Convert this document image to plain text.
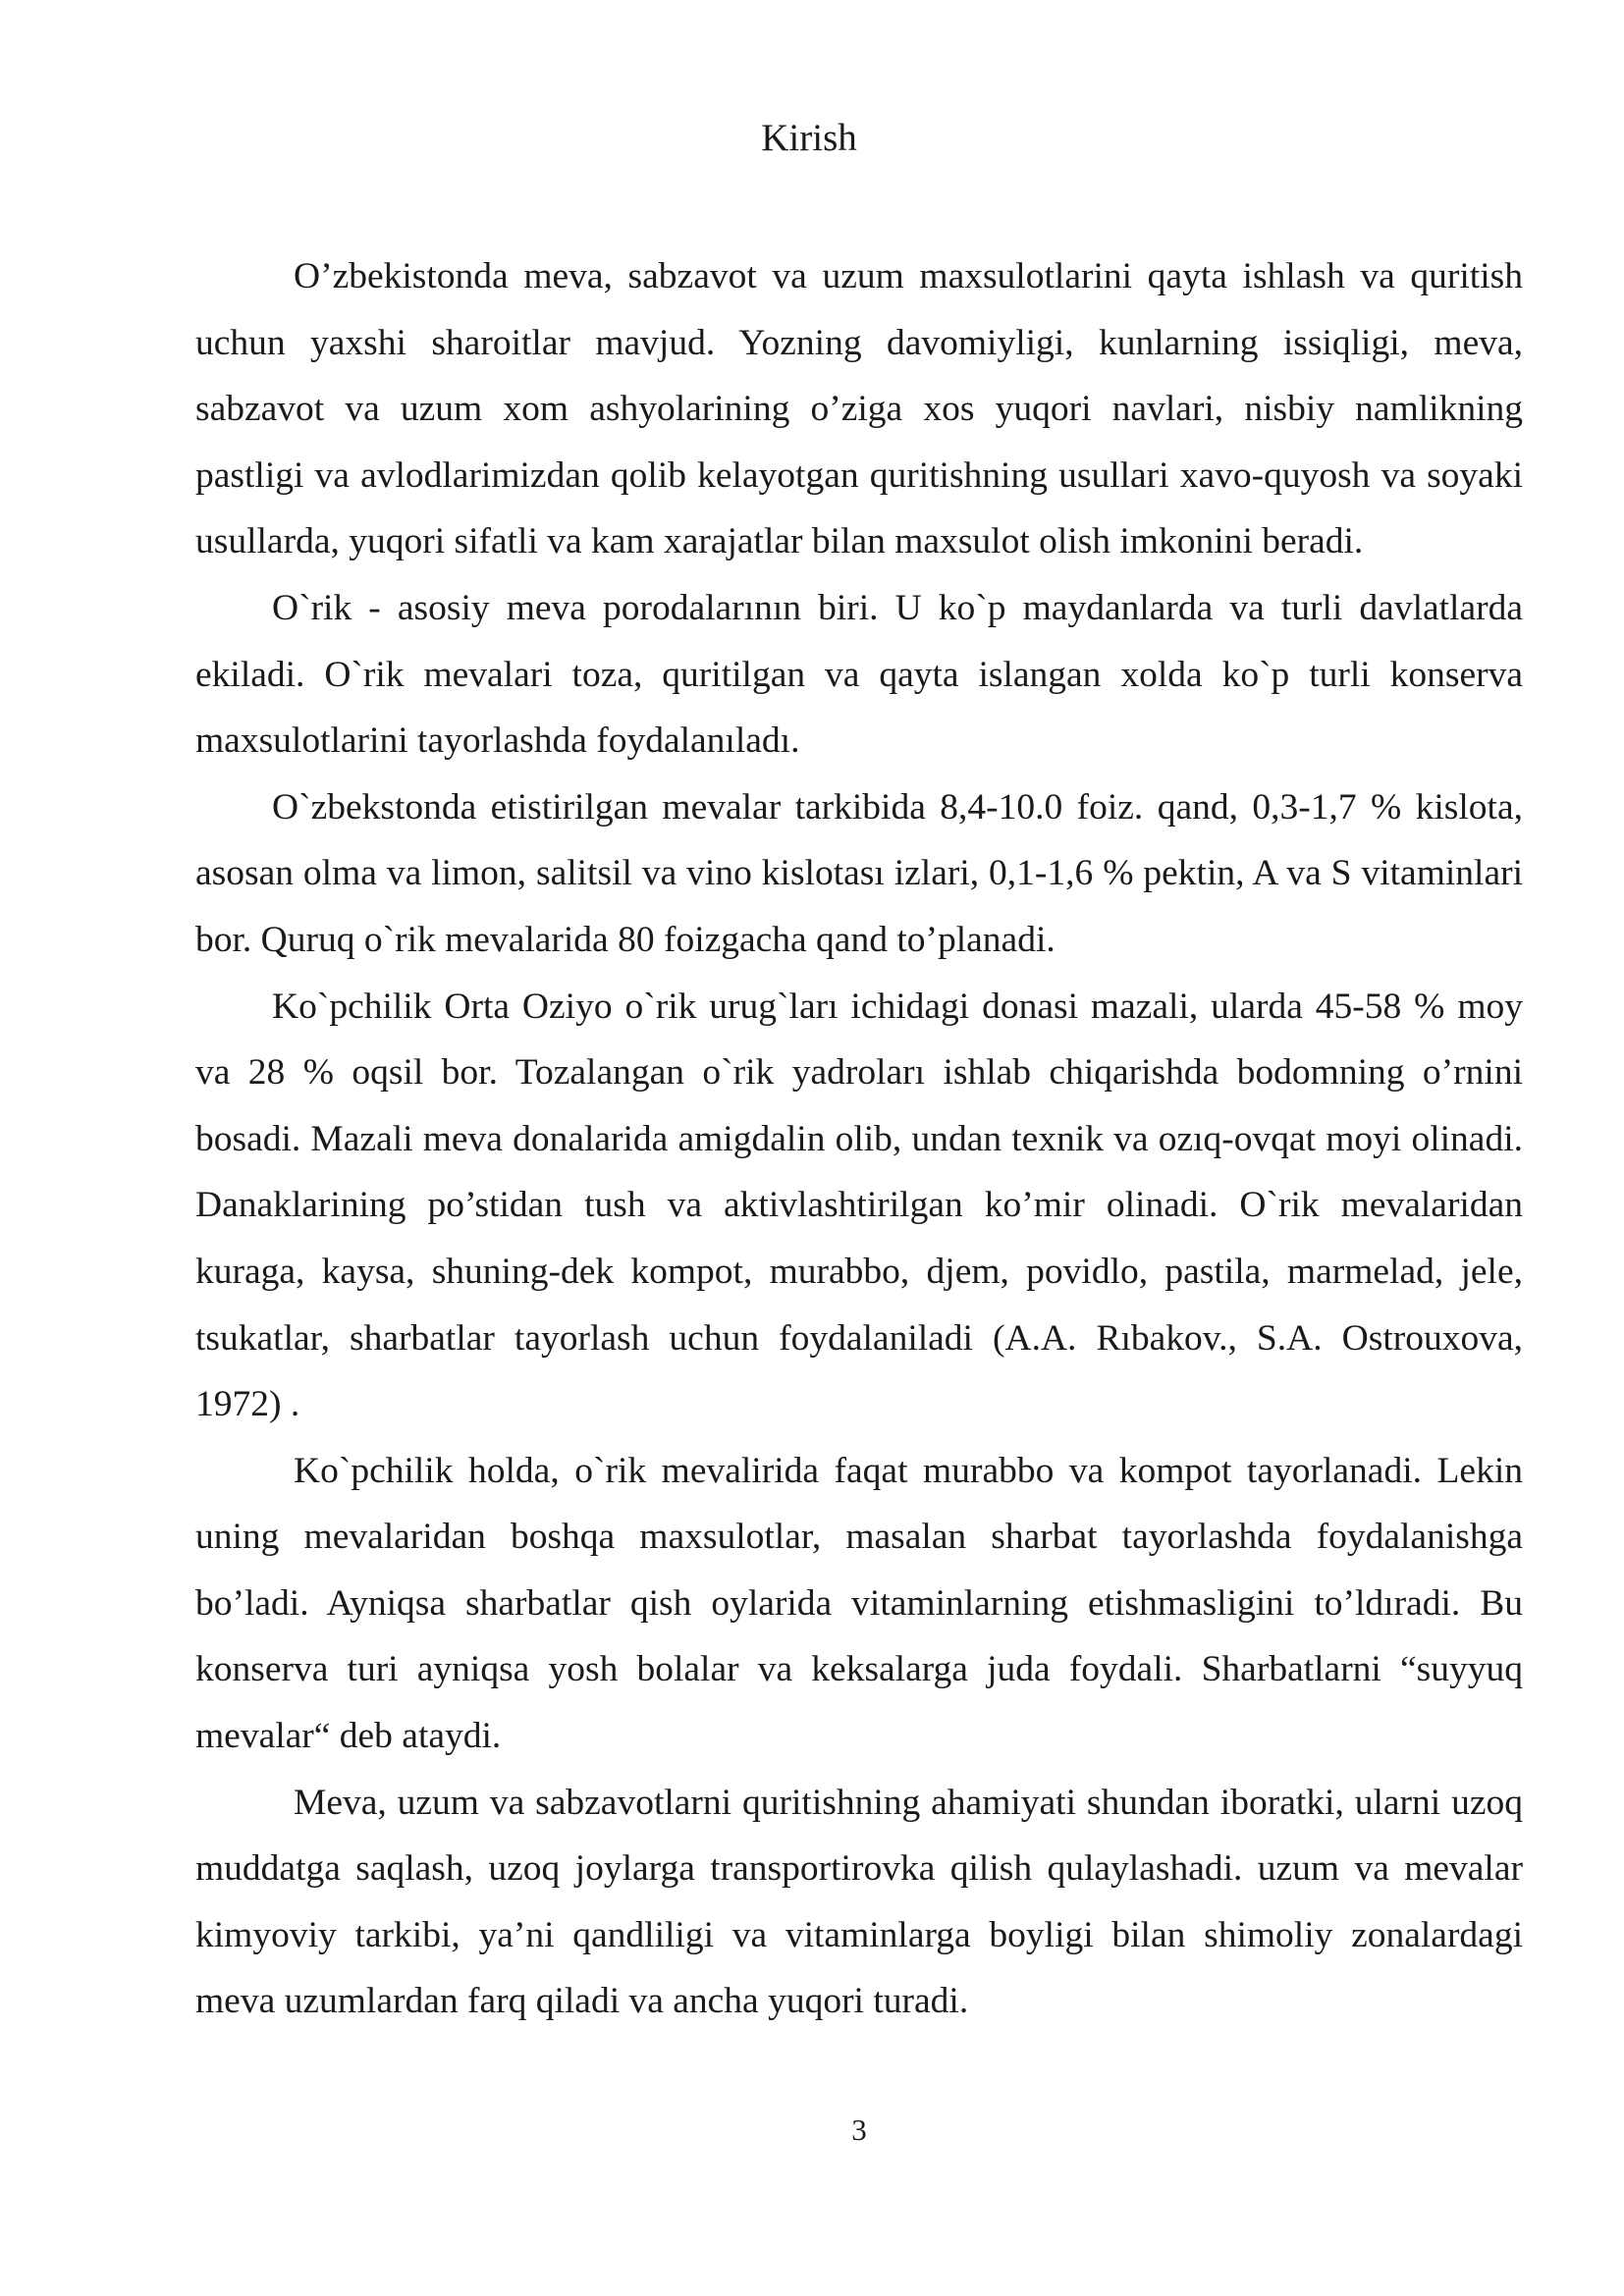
Kirish

O’zbekistonda meva, sabzavot va uzum maxsulotlarini qayta ishlash va quritish uchun yaxshi sharoitlar mavjud. Yozning davomiyligi, kunlarning issiqligi, meva, sabzavot va uzum xom ashyolarining o’ziga xos yuqori navlari, nisbiy namlikning pastligi va avlodlarimizdan qolib kelayotgan quritishning usullari xavo-quyosh va soyaki usullarda, yuqori sifatli va kam xarajatlar bilan maxsulot olish imkonini beradi.

O`rik - asosiy meva porodalarının biri. U ko`p maydanlarda va turli davlatlarda ekiladi. O`rik mevalari toza, quritilgan va qayta islangan xolda ko`p turli konserva maxsulotlarini tayorlashda foydalanıladı.

O`zbekstonda etistirilgan mevalar tarkibida 8,4-10.0 foiz. qand, 0,3-1,7 % kislota, asosan olma va limon, salitsil va vino kislotası izlari, 0,1-1,6 % pektin, A va S vitaminlari bor. Quruq o`rik mevalarida 80 foizgacha qand to’planadi.

Ko`pchilik Orta Oziyo o`rik urug`ları ichidagi donasi mazali, ularda 45-58 % moy va 28 % oqsil bor. Tozalangan o`rik yadroları ishlab chiqarishda bodomning o’rnini bosadi. Mazali meva donalarida amigdalin olib, undan texnik va ozıq-ovqat moyi olinadi. Danaklarining po’stidan tush va aktivlashtirilgan ko’mir olinadi. O`rik mevalaridan kuraga, kaysa, shuning-dek kompot, murabbo, djem, povidlo, pastila, marmelad, jele, tsukatlar, sharbatlar tayorlash uchun foydalaniladi (A.A. Rıbakov., S.A. Ostrouxova, 1972) .

Ko`pchilik holda, o`rik mevalirida faqat murabbo va kompot tayorlanadi. Lekin uning mevalaridan boshqa maxsulotlar, masalan sharbat tayorlashda foydalanishga bo’ladi. Ayniqsa sharbatlar qish oylarida vitaminlarning etishmasligini to’ldıradi. Bu konserva turi ayniqsa yosh bolalar va keksalarga juda foydali. Sharbatlarni “suyyuq mevalar“ deb ataydi.

Meva, uzum va sabzavotlarni quritishning ahamiyati shundan iboratki, ularni uzoq muddatga saqlash, uzoq joylarga transportirovka qilish qulaylashadi. uzum va mevalar kimyoviy tarkibi, ya’ni qandliligi va vitaminlarga boyligi bilan shimoliy zonalardagi meva uzumlardan farq qiladi va ancha yuqori turadi.

3
